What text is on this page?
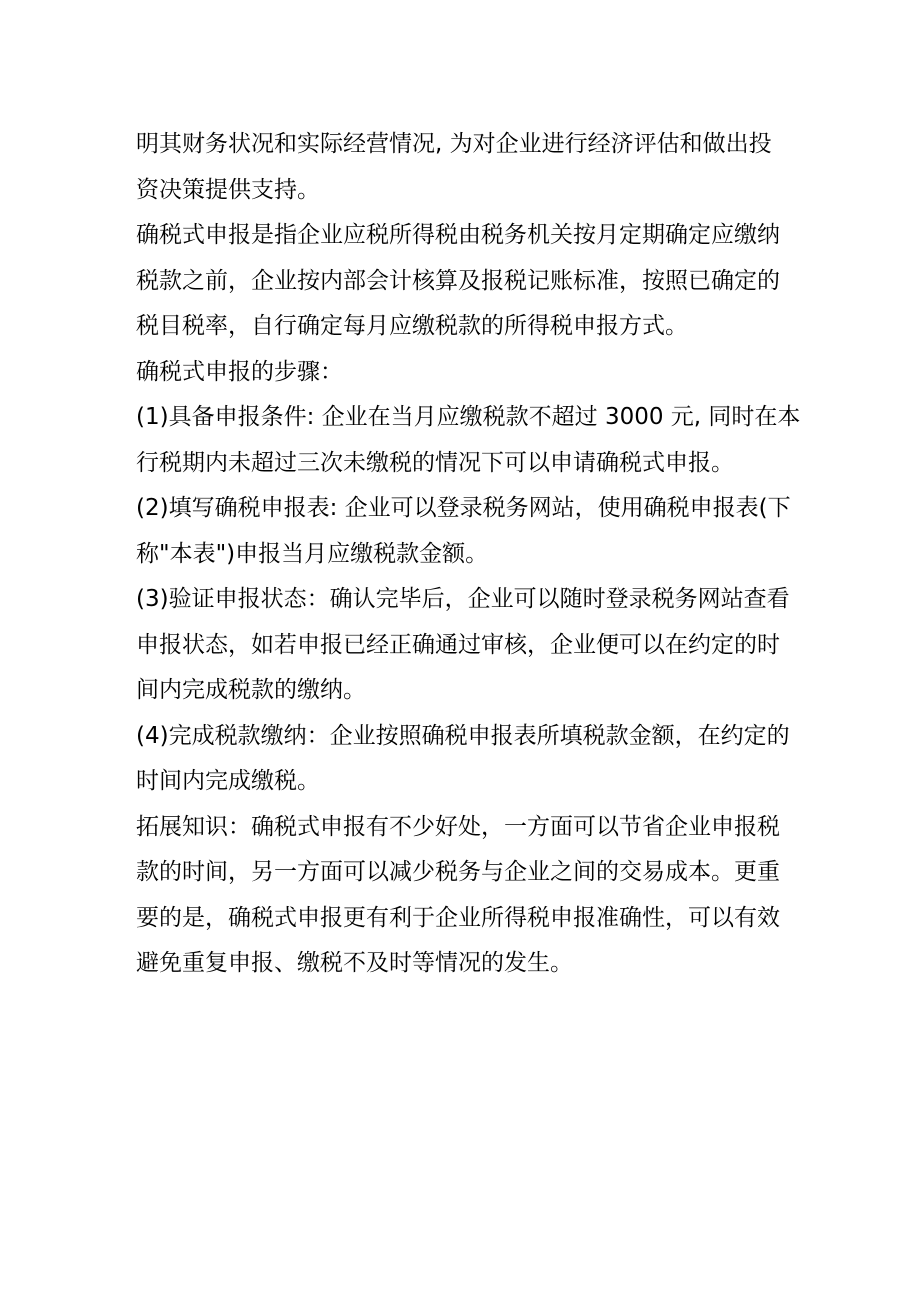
明其财务状况和实际经营情况, 为对企业进行经济评估和做出投
资决策提供支持。
确税式申报是指企业应税所得税由税务机关按月定期确定应缴纳
税款之前，企业按内部会计核算及报税记账标准，按照已确定的
税目税率，自行确定每月应缴税款的所得税申报方式。
确税式申报的步骤：
(1)具备申报条件: 企业在当月应缴税款不超过 3000 元, 同时在本
行税期内未超过三次未缴税的情况下可以申请确税式申报。
(2)填写确税申报表: 企业可以登录税务网站，使用确税申报表(下
称"本表")申报当月应缴税款金额。
(3)验证申报状态：确认完毕后，企业可以随时登录税务网站查看
申报状态，如若申报已经正确通过审核，企业便可以在约定的时
间内完成税款的缴纳。
(4)完成税款缴纳：企业按照确税申报表所填税款金额，在约定的
时间内完成缴税。
拓展知识：确税式申报有不少好处，一方面可以节省企业申报税
款的时间，另一方面可以减少税务与企业之间的交易成本。更重
要的是，确税式申报更有利于企业所得税申报准确性，可以有效
避免重复申报、缴税不及时等情况的发生。
